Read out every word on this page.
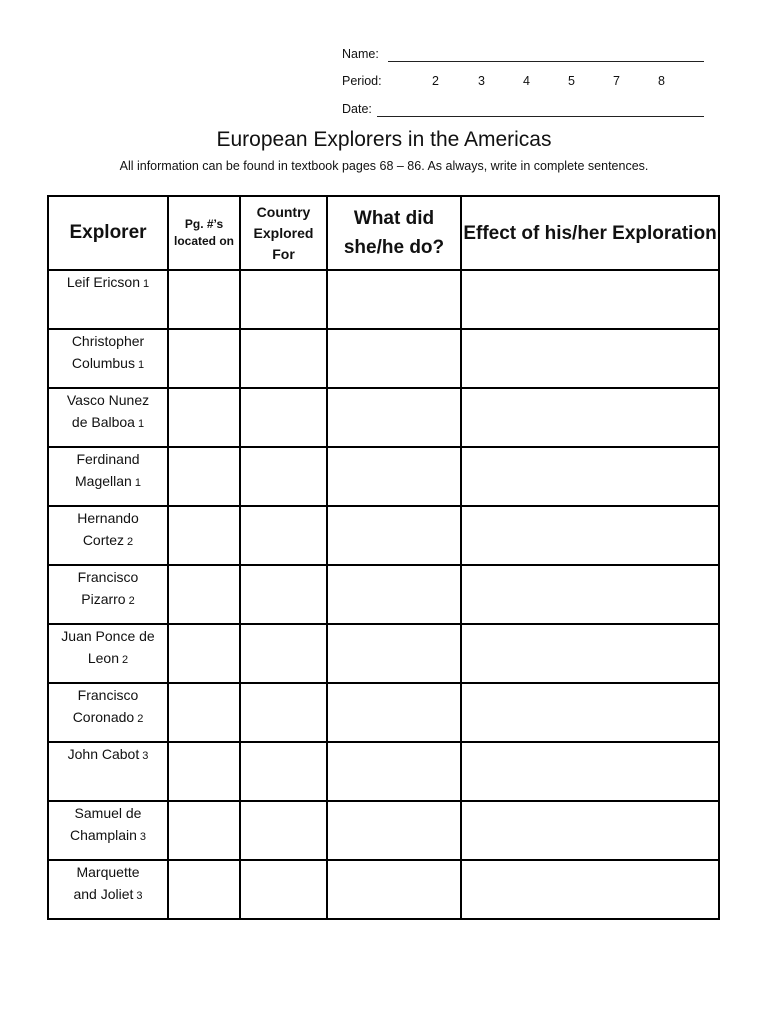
Name:
Period:	2	3	4	5	7	8
Date:
European Explorers in the Americas
All information can be found in textbook pages 68 – 86. As always, write in complete sentences.
Explorer	Pg. #’s located on	Country Explored For	What did she/he do?	Effect of his/her Exploration

Leif Ericson 1				

Christopher
Columbus 1				

Vasco Nunez
de Balboa 1				

Ferdinand
Magellan 1				

Hernando
Cortez 2				

Francisco
Pizarro 2				

Juan Ponce de
Leon 2				

Francisco
Coronado 2				

John Cabot 3				

Samuel de
Champlain 3				

Marquette
and Joliet 3				
